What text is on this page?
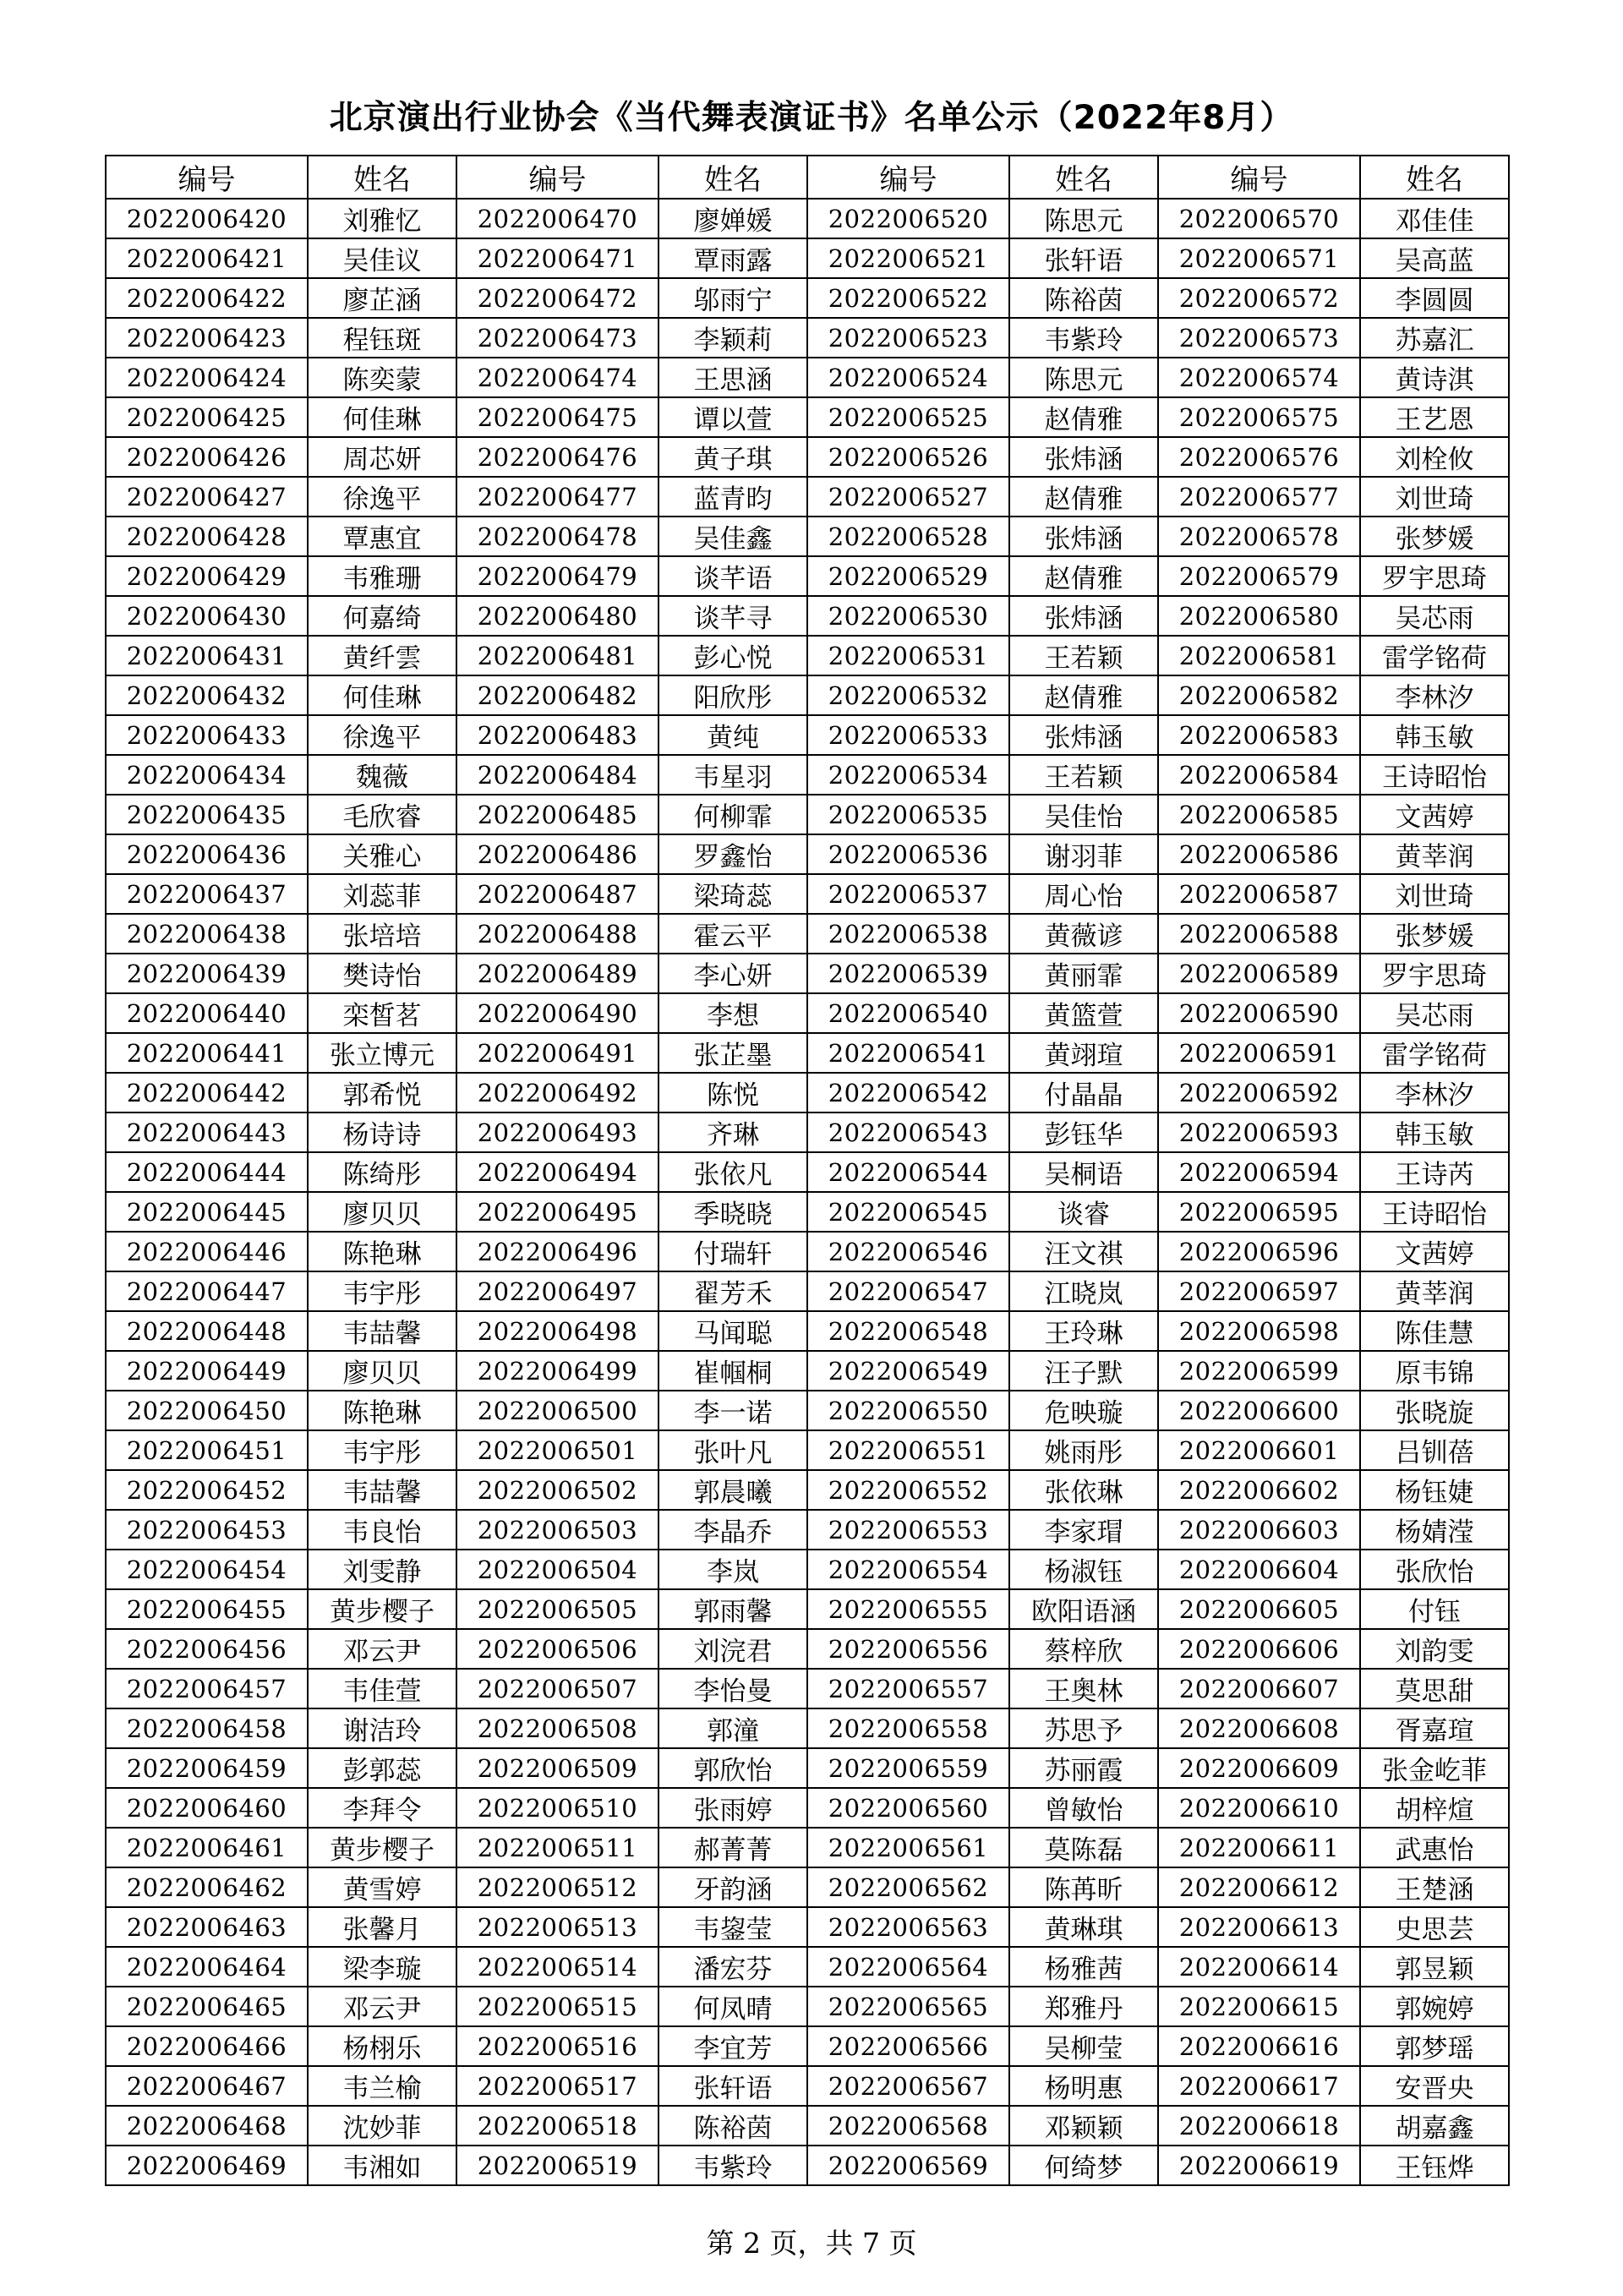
北京演出行业协会《当代舞表演证书》名单公示（2022年8月）
编号	姓名	编号	姓名	编号	姓名	编号	姓名
2022006420	刘雅忆	2022006470	廖婵媛	2022006520	陈思元	2022006570	邓佳佳
2022006421	吴佳议	2022006471	覃雨露	2022006521	张轩语	2022006571	吴高蓝
2022006422	廖芷涵	2022006472	邬雨宁	2022006522	陈裕茵	2022006572	李圆圆
2022006423	程钰斑	2022006473	李颖莉	2022006523	韦紫玲	2022006573	苏嘉汇
2022006424	陈奕蒙	2022006474	王思涵	2022006524	陈思元	2022006574	黄诗淇
2022006425	何佳琳	2022006475	谭以萱	2022006525	赵倩雅	2022006575	王艺恩
2022006426	周芯妍	2022006476	黄子琪	2022006526	张炜涵	2022006576	刘栓攸
2022006427	徐逸平	2022006477	蓝青昀	2022006527	赵倩雅	2022006577	刘世琦
2022006428	覃惠宜	2022006478	吴佳鑫	2022006528	张炜涵	2022006578	张梦媛
2022006429	韦雅珊	2022006479	谈芊语	2022006529	赵倩雅	2022006579	罗宇思琦
2022006430	何嘉绮	2022006480	谈芊寻	2022006530	张炜涵	2022006580	吴芯雨
2022006431	黄纤雲	2022006481	彭心悦	2022006531	王若颖	2022006581	雷学铭荷
2022006432	何佳琳	2022006482	阳欣彤	2022006532	赵倩雅	2022006582	李林汐
2022006433	徐逸平	2022006483	黄纯	2022006533	张炜涵	2022006583	韩玉敏
2022006434	魏薇	2022006484	韦星羽	2022006534	王若颖	2022006584	王诗昭怡
2022006435	毛欣睿	2022006485	何柳霏	2022006535	吴佳怡	2022006585	文茜婷
2022006436	关雅心	2022006486	罗鑫怡	2022006536	谢羽菲	2022006586	黄莘润
2022006437	刘蕊菲	2022006487	梁琦蕊	2022006537	周心怡	2022006587	刘世琦
2022006438	张培培	2022006488	霍云平	2022006538	黄薇谚	2022006588	张梦媛
2022006439	樊诗怡	2022006489	李心妍	2022006539	黄丽霏	2022006589	罗宇思琦
2022006440	栾皙茗	2022006490	李想	2022006540	黄篮萱	2022006590	吴芯雨
2022006441	张立博元	2022006491	张芷墨	2022006541	黄翊瑄	2022006591	雷学铭荷
2022006442	郭希悦	2022006492	陈悦	2022006542	付晶晶	2022006592	李林汐
2022006443	杨诗诗	2022006493	齐琳	2022006543	彭钰华	2022006593	韩玉敏
2022006444	陈绮彤	2022006494	张依凡	2022006544	吴桐语	2022006594	王诗芮
2022006445	廖贝贝	2022006495	季晓晓	2022006545	谈睿	2022006595	王诗昭怡
2022006446	陈艳琳	2022006496	付瑞轩	2022006546	汪文祺	2022006596	文茜婷
2022006447	韦宇彤	2022006497	翟芳禾	2022006547	江晓岚	2022006597	黄莘润
2022006448	韦喆馨	2022006498	马闻聪	2022006548	王玲琳	2022006598	陈佳慧
2022006449	廖贝贝	2022006499	崔帼桐	2022006549	汪子默	2022006599	原韦锦
2022006450	陈艳琳	2022006500	李一诺	2022006550	危映璇	2022006600	张晓旋
2022006451	韦宇彤	2022006501	张叶凡	2022006551	姚雨彤	2022006601	吕钏蓓
2022006452	韦喆馨	2022006502	郭晨曦	2022006552	张依琳	2022006602	杨钰婕
2022006453	韦良怡	2022006503	李晶乔	2022006553	李家瑁	2022006603	杨婧滢
2022006454	刘雯静	2022006504	李岚	2022006554	杨淑钰	2022006604	张欣怡
2022006455	黄步樱子	2022006505	郭雨馨	2022006555	欧阳语涵	2022006605	付钰
2022006456	邓云尹	2022006506	刘浣君	2022006556	蔡梓欣	2022006606	刘韵雯
2022006457	韦佳萱	2022006507	李怡曼	2022006557	王奥林	2022006607	莫思甜
2022006458	谢洁玲	2022006508	郭潼	2022006558	苏思予	2022006608	胥嘉瑄
2022006459	彭郭蕊	2022006509	郭欣怡	2022006559	苏丽霞	2022006609	张金屹菲
2022006460	李拜令	2022006510	张雨婷	2022006560	曾敏怡	2022006610	胡梓煊
2022006461	黄步樱子	2022006511	郝菁菁	2022006561	莫陈磊	2022006611	武惠怡
2022006462	黄雪婷	2022006512	牙韵涵	2022006562	陈苒昕	2022006612	王楚涵
2022006463	张馨月	2022006513	韦鋆莹	2022006563	黄琳琪	2022006613	史思芸
2022006464	梁李璇	2022006514	潘宏芬	2022006564	杨雅茜	2022006614	郭昱颖
2022006465	邓云尹	2022006515	何凤晴	2022006565	郑雅丹	2022006615	郭婉婷
2022006466	杨栩乐	2022006516	李宜芳	2022006566	吴柳莹	2022006616	郭梦瑶
2022006467	韦兰榆	2022006517	张轩语	2022006567	杨明惠	2022006617	安晋央
2022006468	沈妙菲	2022006518	陈裕茵	2022006568	邓颖颖	2022006618	胡嘉鑫
2022006469	韦湘如	2022006519	韦紫玲	2022006569	何绮梦	2022006619	王钰烨
第 2 页，共 7 页
